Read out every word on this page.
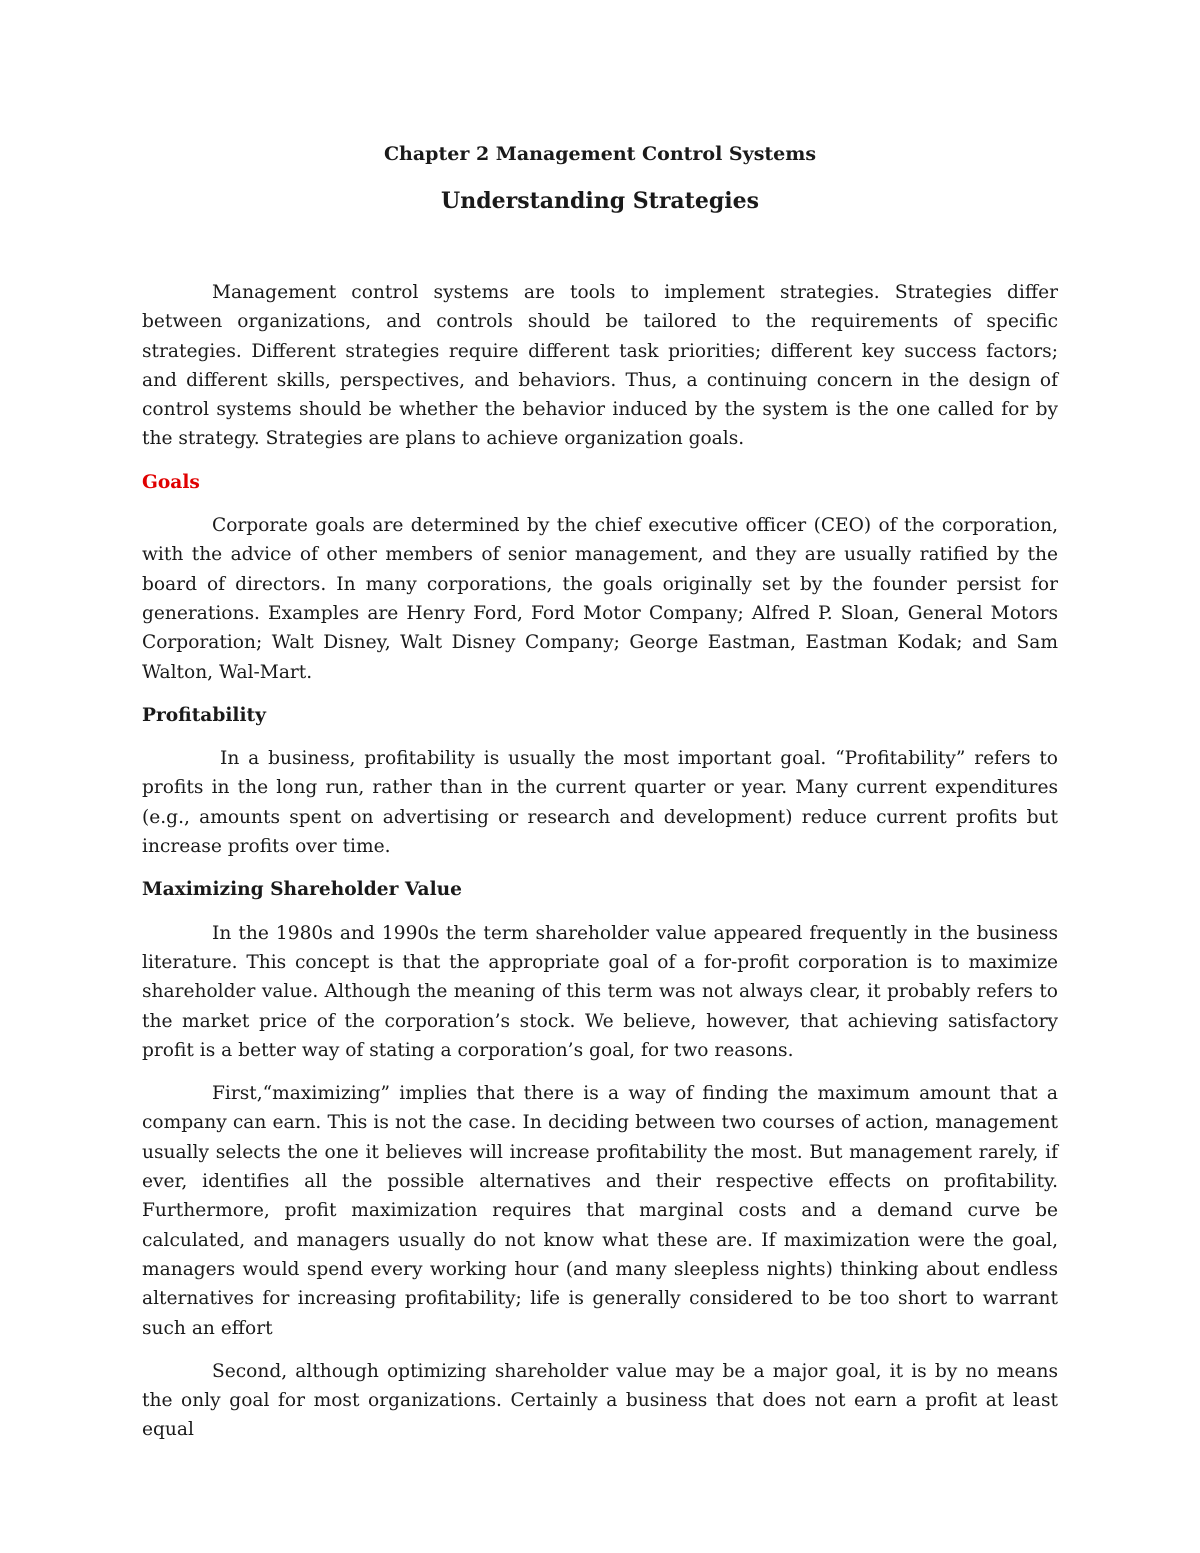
Chapter 2 Management Control Systems
Understanding Strategies

Management control systems are tools to implement strategies. Strategies differ between organizations, and controls should be tailored to the requirements of specific strategies. Different strategies require different task priorities; different key success factors; and different skills, perspectives, and behaviors. Thus, a continuing concern in the design of control systems should be whether the behavior induced by the system is the one called for by the strategy. Strategies are plans to achieve organization goals.

Goals

Corporate goals are determined by the chief executive officer (CEO) of the corporation, with the advice of other members of senior management, and they are usually ratified by the board of directors. In many corporations, the goals originally set by the founder persist for generations. Examples are Henry Ford, Ford Motor Company; Alfred P. Sloan, General Motors Corporation; Walt Disney, Walt Disney Company; George Eastman, Eastman Kodak; and Sam Walton, Wal-Mart.

Profitability

In a business, profitability is usually the most important goal. “Profitability” refers to profits in the long run, rather than in the current quarter or year. Many current expenditures (e.g., amounts spent on advertising or research and development) reduce current profits but increase profits over time.

Maximizing Shareholder Value

In the 1980s and 1990s the term shareholder value appeared frequently in the business literature. This concept is that the appropriate goal of a for-profit corporation is to maximize shareholder value. Although the meaning of this term was not always clear, it probably refers to the market price of the corporation’s stock. We believe, however, that achieving satisfactory profit is a better way of stating a corporation’s goal, for two reasons.

First,“maximizing” implies that there is a way of finding the maximum amount that a company can earn. This is not the case. In deciding between two courses of action, management usually selects the one it believes will increase profitability the most. But management rarely, if ever, identifies all the possible alternatives and their respective effects on profitability. Furthermore, profit maximization requires that marginal costs and a demand curve be calculated, and managers usually do not know what these are. If maximization were the goal, managers would spend every working hour (and many sleepless nights) thinking about endless alternatives for increasing profitability; life is generally considered to be too short to warrant such an effort

Second, although optimizing shareholder value may be a major goal, it is by no means the only goal for most organizations. Certainly a business that does not earn a profit at least equal
